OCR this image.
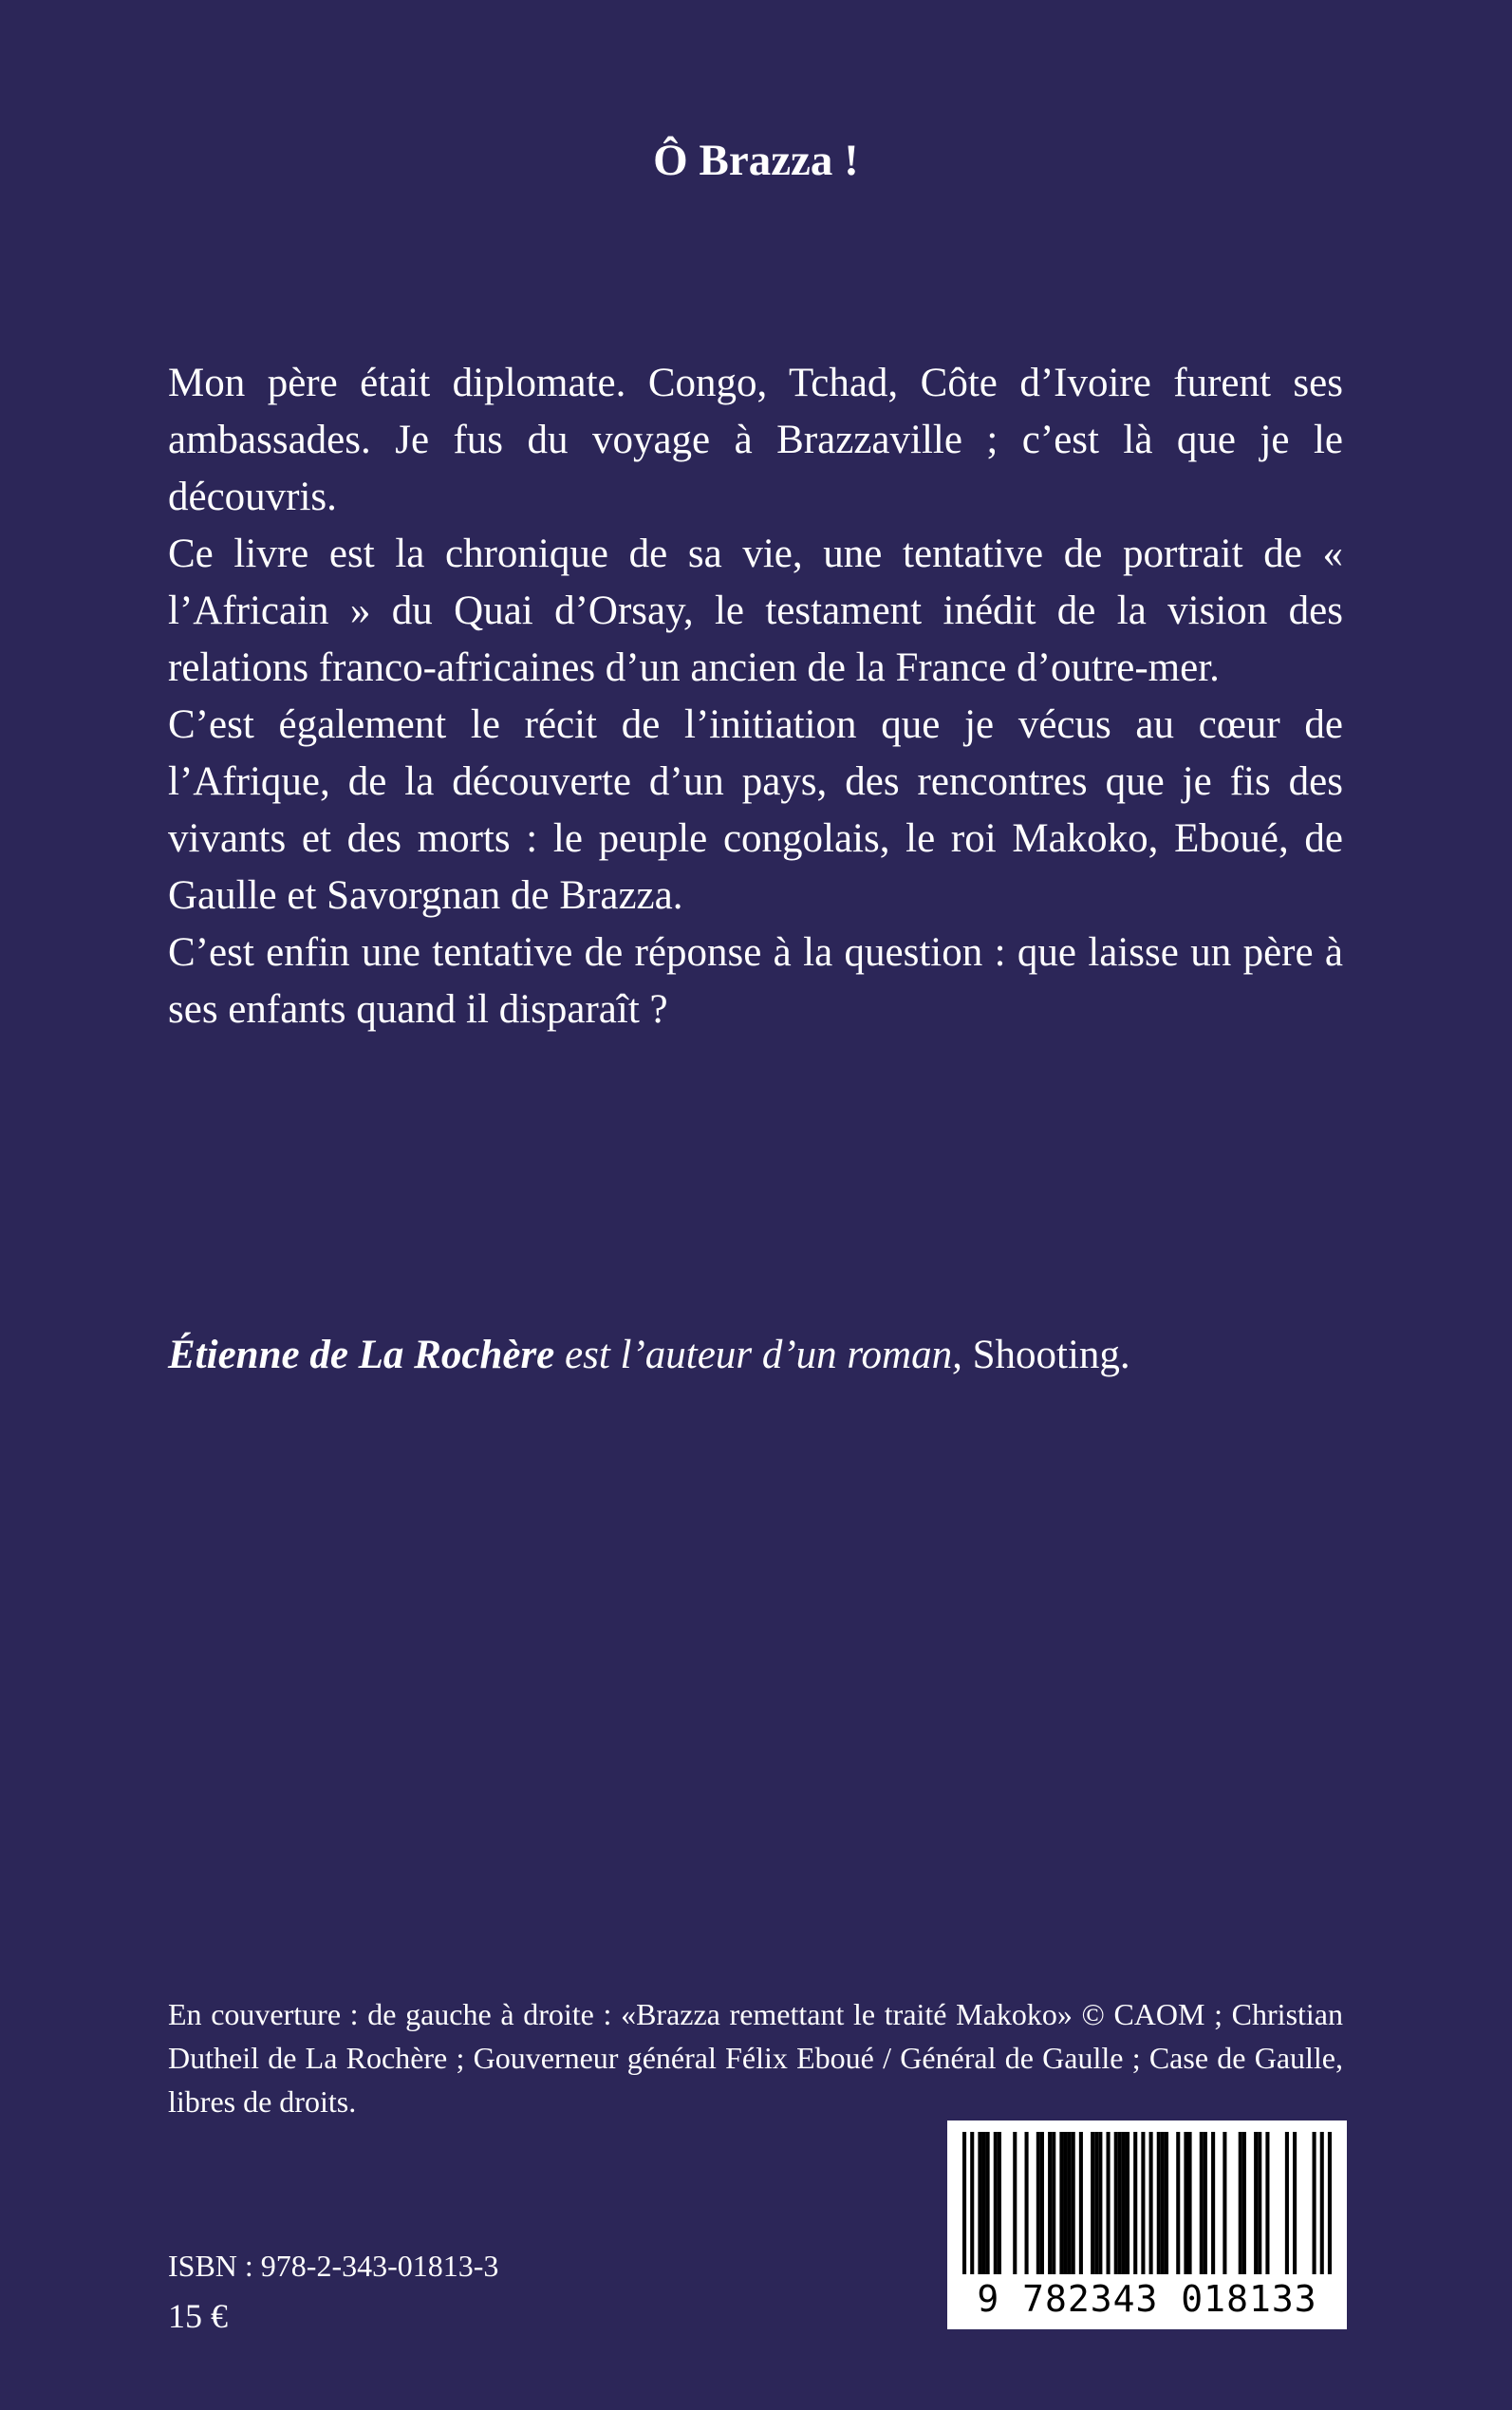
Ô Brazza !

Mon père était diplomate. Congo, Tchad, Côte d’Ivoire furent ses ambassades. Je fus du voyage à Brazzaville ; c’est là que je le découvris.

Ce livre est la chronique de sa vie, une tentative de portrait de « l’Africain » du Quai d’Orsay, le testament inédit de la vision des relations franco-africaines d’un ancien de la France d’outre-mer.

C’est également le récit de l’initiation que je vécus au cœur de l’Afrique, de la découverte d’un pays, des rencontres que je fis des vivants et des morts : le peuple congolais, le roi Makoko, Eboué, de Gaulle et Savorgnan de Brazza.

C’est enfin une tentative de réponse à la question : que laisse un père à ses enfants quand il disparaît ?

Étienne de La Rochère est l’auteur d’un roman, Shooting.

En couverture : de gauche à droite : «Brazza remettant le traité Makoko» © CAOM ; Christian Dutheil de La Rochère ; Gouverneur général Félix Eboué / Général de Gaulle ; Case de Gaulle, libres de droits.

ISBN : 978-2-343-01813-3
15 €	9 782343 018133
